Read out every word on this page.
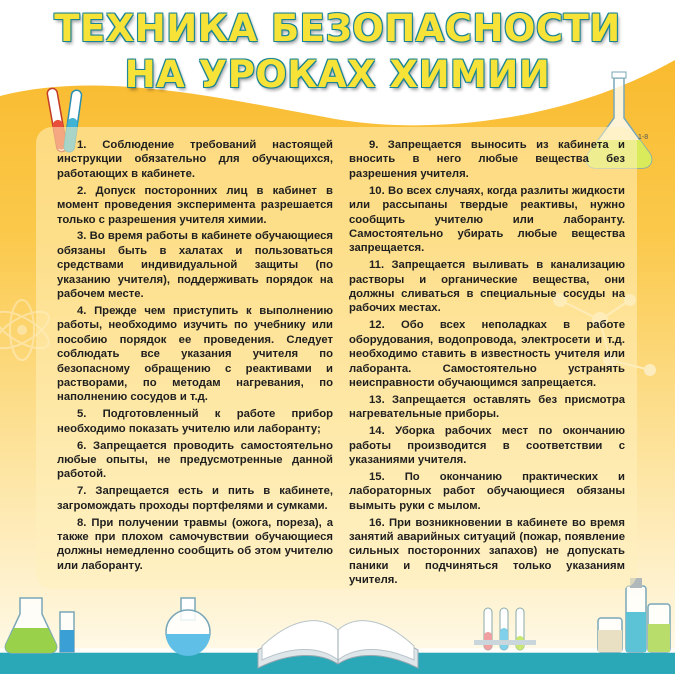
1-8
ТЕХНИКА БЕЗОПАСНОСТИ
НА УРОКАХ ХИМИИ

1. Соблюдение требований настоящей инструкции обязательно для обучающихся, работающих в кабинете.

2. Допуск посторонних лиц в кабинет в момент проведения эксперимента разрешается только с разрешения учителя химии.

3. Во время работы в кабинете обучающиеся обязаны быть в халатах и пользоваться средствами индивидуальной защиты (по указанию учителя), поддерживать порядок на рабочем месте.

4. Прежде чем приступить к выполнению работы, необходимо изучить по учебнику или пособию порядок ее проведения. Следует соблюдать все указания учителя по безопасному обращению с реактивами и растворами, по методам нагревания, по наполнению сосудов и т.д.

5. Подготовленный к работе прибор необходимо показать учителю или лаборанту;

6. Запрещается проводить самостоятельно любые опыты, не предусмотренные данной работой.

7. Запрещается есть и пить в кабинете, загромождать проходы портфелями и сумками.

8. При получении травмы (ожога, пореза), а также при плохом самочувствии обучающиеся должны немедленно сообщить об этом учителю или лаборанту.

9. Запрещается выносить из кабинета и вносить в него любые вещества без разрешения учителя.

10. Во всех случаях, когда разлиты жидкости или рассыпаны твердые реактивы, нужно сообщить учителю или лаборанту. Самостоятельно убирать любые вещества запрещается.

11. Запрещается выливать в канализацию растворы и органические вещества, они должны сливаться в специальные сосуды на рабочих местах.

12. Обо всех неполадках в работе оборудования, водопровода, электросети и т.д. необходимо ставить в известность учителя или лаборанта. Самостоятельно устранять неисправности обучающимся запрещается.

13. Запрещается оставлять без присмотра нагревательные приборы.

14. Уборка рабочих мест по окончанию работы производится в соответствии с указаниями учителя.

15. По окончанию практических и лабораторных работ обучающиеся обязаны вымыть руки с мылом.

16. При возникновении в кабинете во время занятий аварийных ситуаций (пожар, появление сильных посторонних запахов) не допускать паники и подчиняться только указаниям учителя.
